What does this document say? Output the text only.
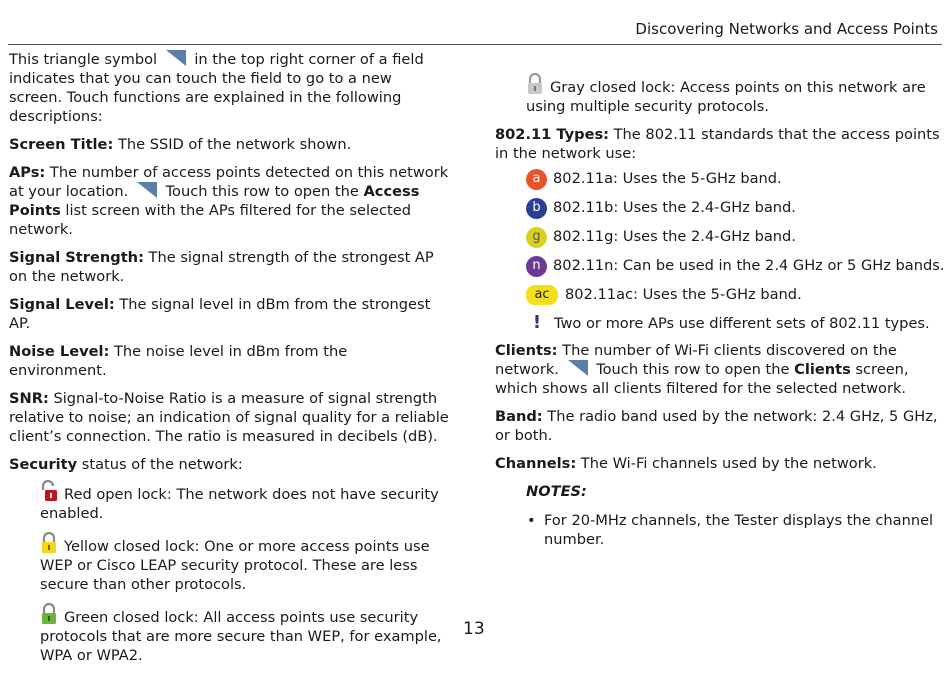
Discovering Networks and Access Points

This triangle symbol	in the top right corner of a field indicates that you can touch the field to go to a new screen. Touch functions are explained in the following descriptions:

Screen Title: The SSID of the network shown.

APs: The number of access points detected on this network at your location.	Touch this row to open the Access Points list screen with the APs filtered for the selected network.

Signal Strength: The signal strength of the strongest AP on the network.

Signal Level: The signal level in dBm from the strongest AP.

Noise Level: The noise level in dBm from the environment.

SNR: Signal-to-Noise Ratio is a measure of signal strength relative to noise; an indication of signal quality for a reliable client’s connection. The ratio is measured in decibels (dB).

Security status of the network:

Red open lock: The network does not have security enabled.

Yellow closed lock: One or more access points use WEP or Cisco LEAP security protocol. These are less secure than other protocols.

Green closed lock: All access points use security protocols that are more secure than WEP, for example, WPA or WPA2.

Gray closed lock: Access points on this network are using multiple security protocols.

802.11 Types: The 802.11 standards that the access points in the network use:

a 802.11a: Uses the 5-GHz band.
b 802.11b: Uses the 2.4-GHz band.
g 802.11g: Uses the 2.4-GHz band.
n 802.11n: Can be used in the 2.4 GHz or 5 GHz bands.
ac 802.11ac: Uses the 5-GHz band.
! Two or more APs use different sets of 802.11 types.

Clients: The number of Wi-Fi clients discovered on the network.	Touch this row to open the Clients screen, which shows all clients filtered for the selected network.

Band: The radio band used by the network: 2.4 GHz, 5 GHz, or both.

Channels: The Wi-Fi channels used by the network.

NOTES:
• For 20-MHz channels, the Tester displays the channel number.
13
